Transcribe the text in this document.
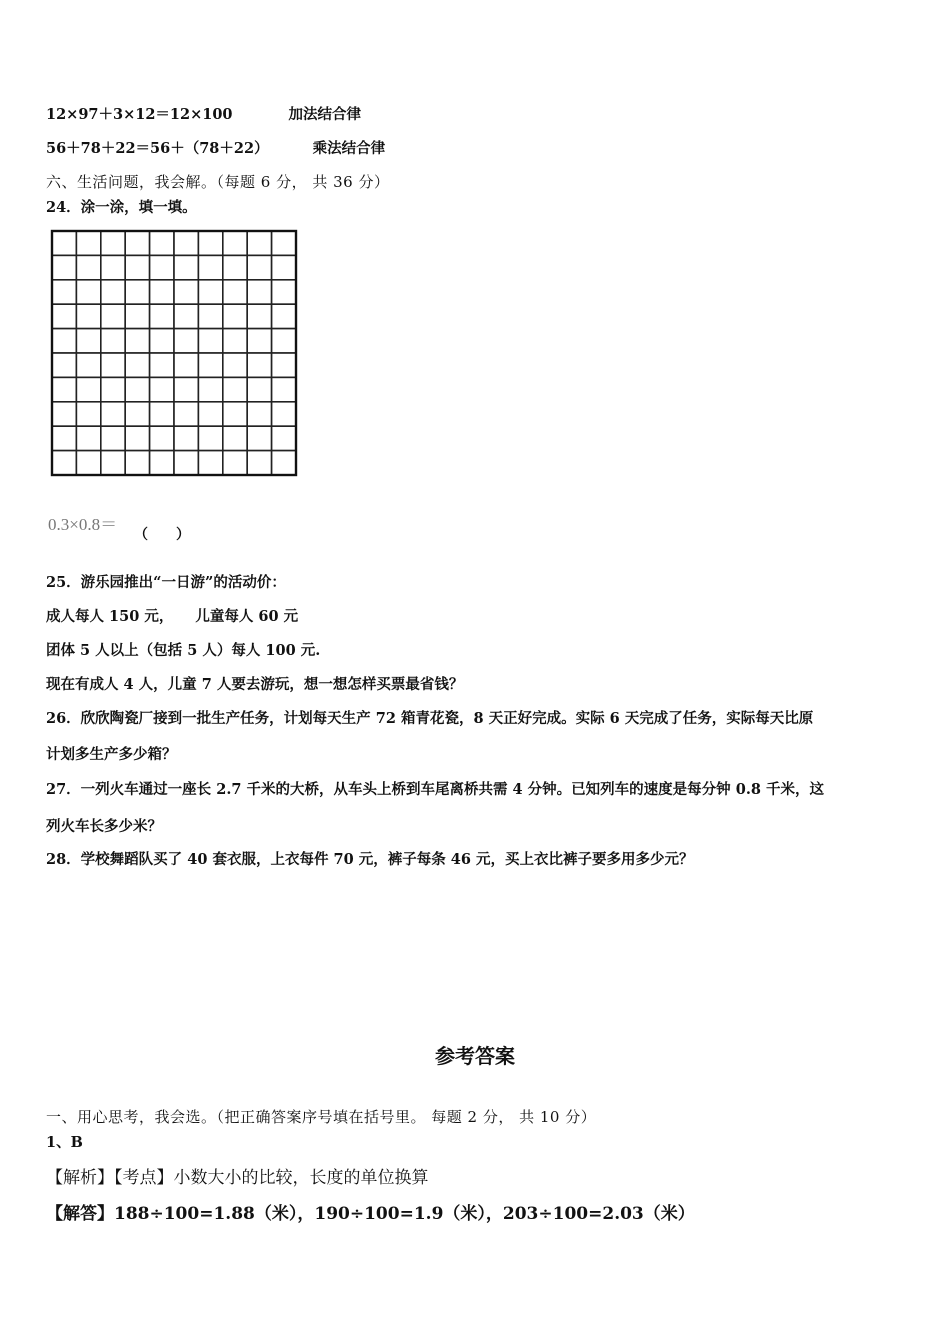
12×97＋3×12＝12×100	加法结合律
56＋78＋22＝56＋（78＋22）	乘法结合律
六、生活问题，我会解。（每题 6 分， 共 36 分）
24．涂一涂，填一填。
0.3×0.8＝
（　　）
25．游乐园推出“一日游”的活动价：
成人每人 150 元， 儿童每人 60 元
团体 5 人以上（包括 5 人）每人 100 元.
现在有成人 4 人，儿童 7 人要去游玩，想一想怎样买票最省钱？
26．欣欣陶瓷厂接到一批生产任务，计划每天生产 72 箱青花瓷，8 天正好完成。实际 6 天完成了任务，实际每天比原
计划多生产多少箱？
27．一列火车通过一座长 2.7 千米的大桥，从车头上桥到车尾离桥共需 4 分钟。已知列车的速度是每分钟 0.8 千米，这
列火车长多少米？
28．学校舞蹈队买了 40 套衣服，上衣每件 70 元，裤子每条 46 元，买上衣比裤子要多用多少元？
参考答案
一、用心思考，我会选。（把正确答案序号填在括号里。 每题 2 分， 共 10 分）
1、B
【解析】【考点】小数大小的比较，长度的单位换算
【解答】188÷100=1.88（米），190÷100=1.9（米），203÷100=2.03（米）
